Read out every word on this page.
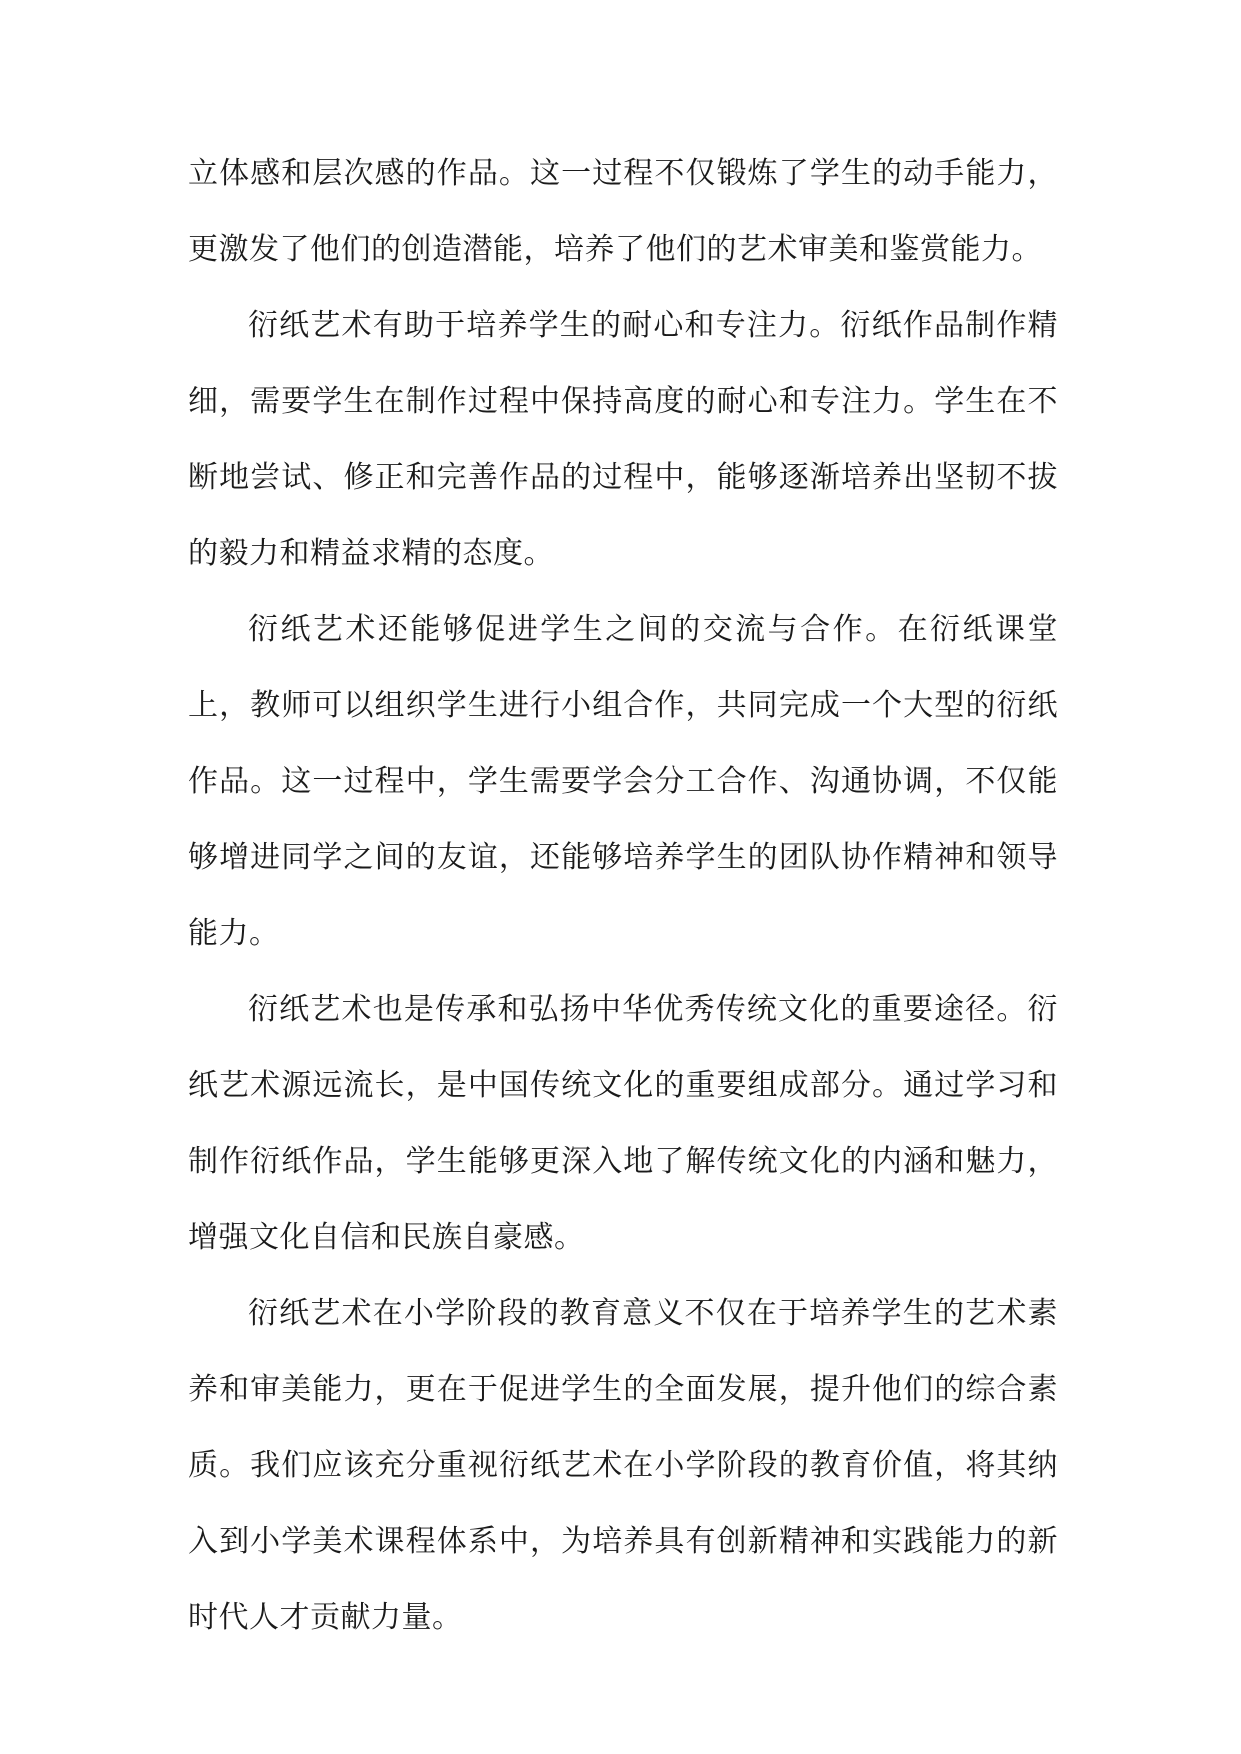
立体感和层次感的作品。这一过程不仅锻炼了学生的动手能力，更激发了他们的创造潜能，培养了他们的艺术审美和鉴赏能力。

衍纸艺术有助于培养学生的耐心和专注力。衍纸作品制作精细，需要学生在制作过程中保持高度的耐心和专注力。学生在不断地尝试、修正和完善作品的过程中，能够逐渐培养出坚韧不拔的毅力和精益求精的态度。

衍纸艺术还能够促进学生之间的交流与合作。在衍纸课堂上，教师可以组织学生进行小组合作，共同完成一个大型的衍纸作品。这一过程中，学生需要学会分工合作、沟通协调，不仅能够增进同学之间的友谊，还能够培养学生的团队协作精神和领导能力。

衍纸艺术也是传承和弘扬中华优秀传统文化的重要途径。衍纸艺术源远流长，是中国传统文化的重要组成部分。通过学习和制作衍纸作品，学生能够更深入地了解传统文化的内涵和魅力，增强文化自信和民族自豪感。

衍纸艺术在小学阶段的教育意义不仅在于培养学生的艺术素养和审美能力，更在于促进学生的全面发展，提升他们的综合素质。我们应该充分重视衍纸艺术在小学阶段的教育价值，将其纳入到小学美术课程体系中，为培养具有创新精神和实践能力的新时代人才贡献力量。
